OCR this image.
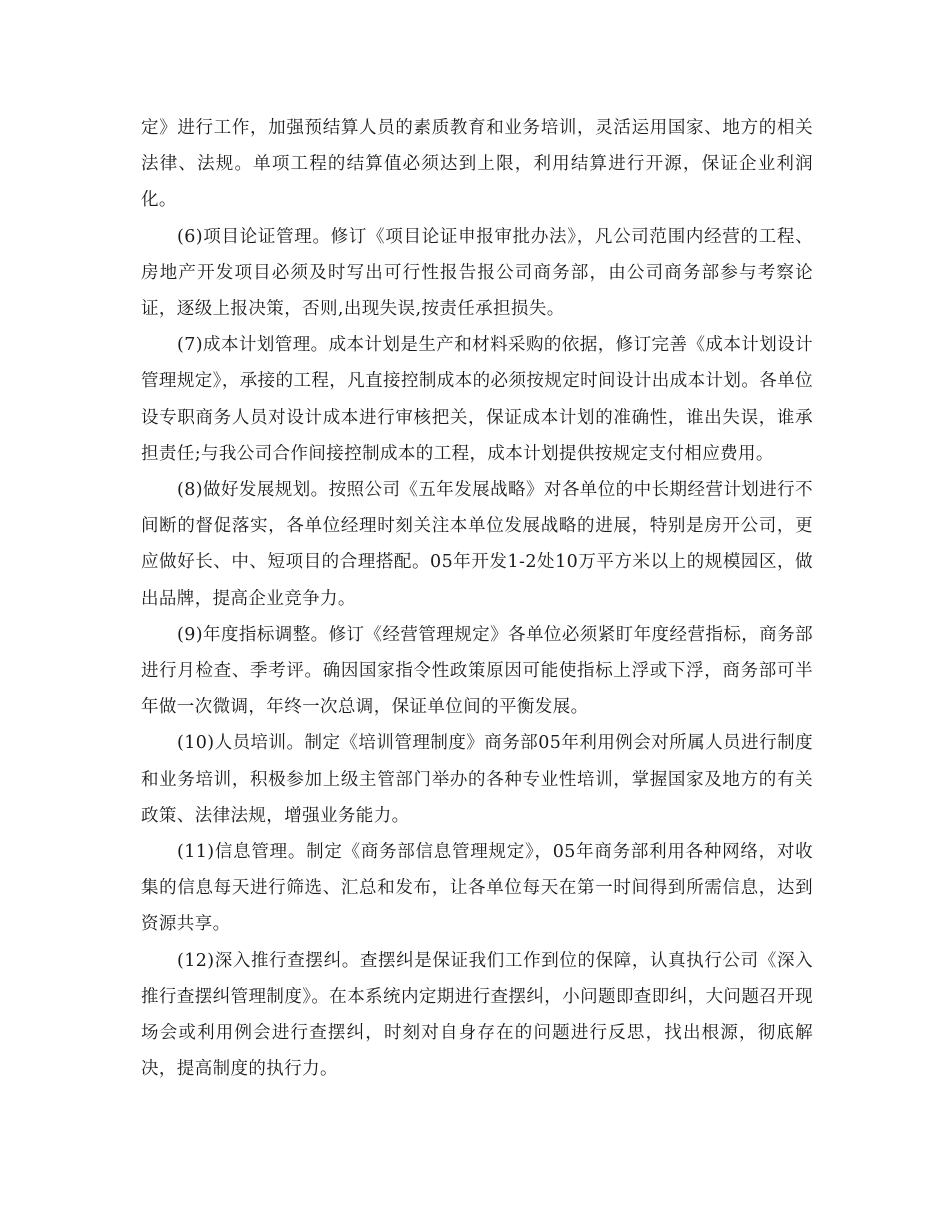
定》进行工作，加强预结算人员的素质教育和业务培训，灵活运用国家、地方的相关法律、法规。单项工程的结算值必须达到上限，利用结算进行开源，保证企业利润化。

(6)项目论证管理。修订《项目论证申报审批办法》，凡公司范围内经营的工程、房地产开发项目必须及时写出可行性报告报公司商务部，由公司商务部参与考察论证，逐级上报决策，否则,出现失误,按责任承担损失。

(7)成本计划管理。成本计划是生产和材料采购的依据，修订完善《成本计划设计管理规定》，承接的工程，凡直接控制成本的必须按规定时间设计出成本计划。各单位设专职商务人员对设计成本进行审核把关，保证成本计划的准确性，谁出失误，谁承担责任;与我公司合作间接控制成本的工程，成本计划提供按规定支付相应费用。

(8)做好发展规划。按照公司《五年发展战略》对各单位的中长期经营计划进行不间断的督促落实，各单位经理时刻关注本单位发展战略的进展，特别是房开公司，更应做好长、中、短项目的合理搭配。05年开发1-2处10万平方米以上的规模园区，做出品牌，提高企业竞争力。

(9)年度指标调整。修订《经营管理规定》各单位必须紧盯年度经营指标，商务部进行月检查、季考评。确因国家指令性政策原因可能使指标上浮或下浮，商务部可半年做一次微调，年终一次总调，保证单位间的平衡发展。

(10)人员培训。制定《培训管理制度》商务部05年利用例会对所属人员进行制度和业务培训，积极参加上级主管部门举办的各种专业性培训，掌握国家及地方的有关政策、法律法规，增强业务能力。

(11)信息管理。制定《商务部信息管理规定》，05年商务部利用各种网络，对收集的信息每天进行筛选、汇总和发布，让各单位每天在第一时间得到所需信息，达到资源共享。

(12)深入推行查摆纠。查摆纠是保证我们工作到位的保障，认真执行公司《深入推行查摆纠管理制度》。在本系统内定期进行查摆纠，小问题即查即纠，大问题召开现场会或利用例会进行查摆纠，时刻对自身存在的问题进行反思，找出根源，彻底解决，提高制度的执行力。
